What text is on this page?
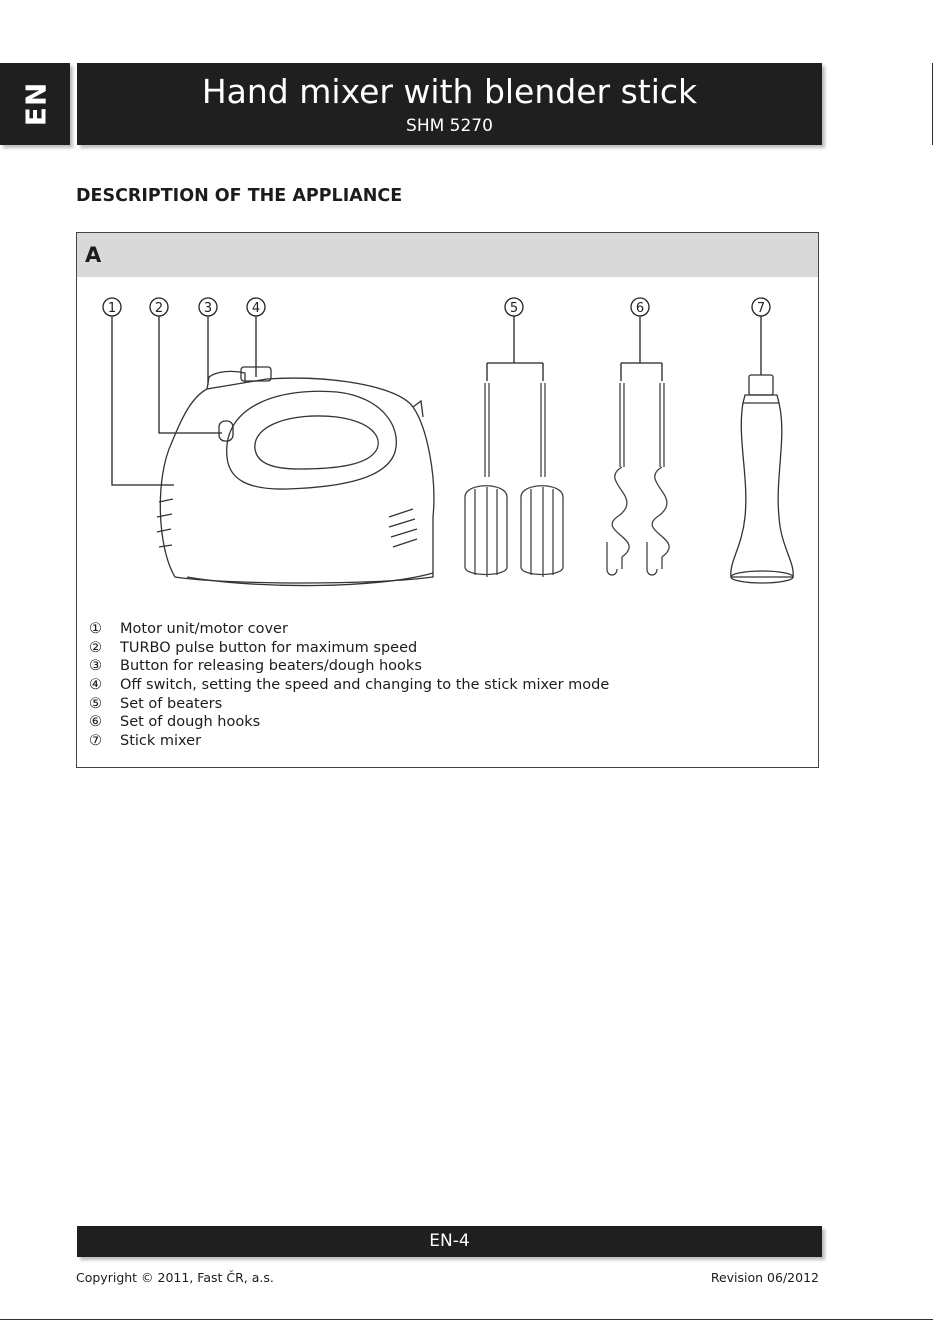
EN	Hand mixer with blender stick
SHM 5270
DESCRIPTION OF THE APPLIANCE
A
1	2	3	4	5	6	7
① Motor unit/motor cover
② TURBO pulse button for maximum speed
③ Button for releasing beaters/dough hooks
④ Off switch, setting the speed and changing to the stick mixer mode
⑤ Set of beaters
⑥ Set of dough hooks
⑦ Stick mixer
EN-4
Copyright © 2011, Fast ČR, a.s.	Revision 06/2012
